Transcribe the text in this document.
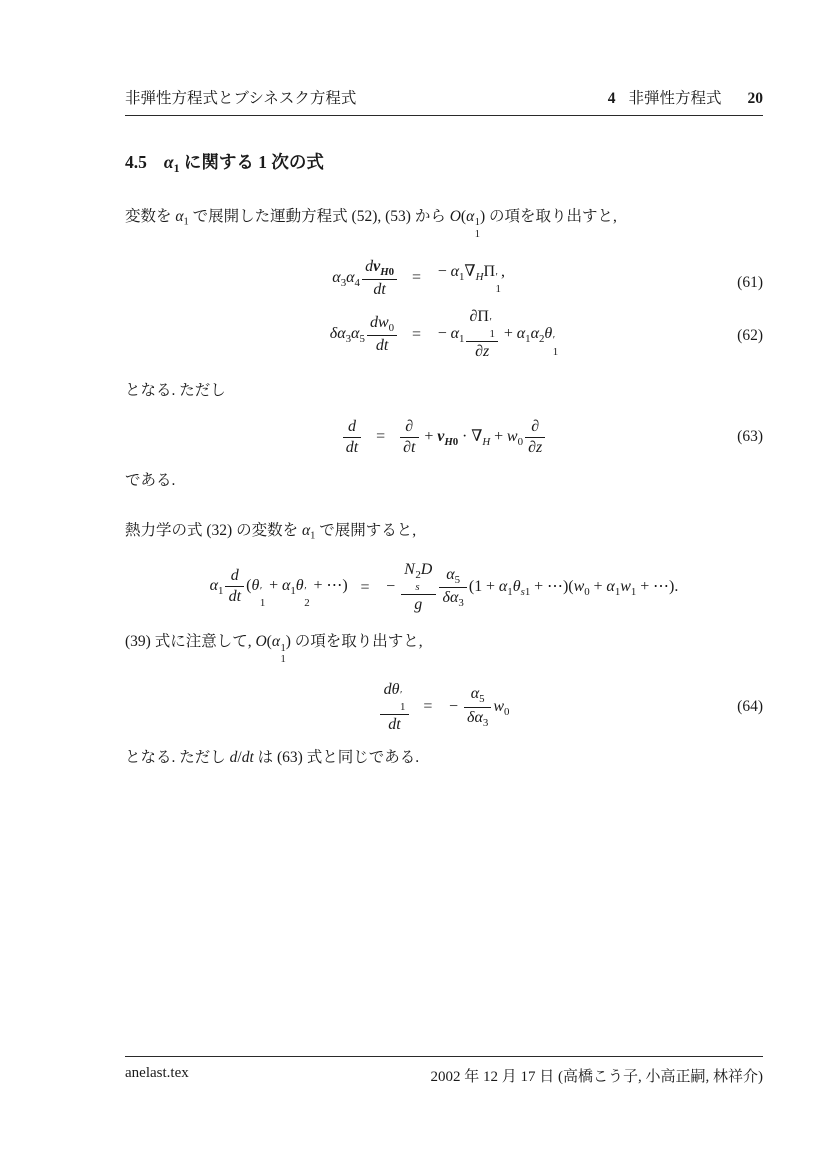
非弾性方程式とブシネスク方程式	4 非弾性方程式 20
4.5 $\alpha_1$ に関する 1 次の式

変数を $\alpha_1$ で展開した運動方程式 (52), (53) から O(α 1
1
) の項を取り出すと,

$\alpha_3\alpha_4$
$dv_{H0}$
dt
=	− $\alpha_1\nabla_H\Pi$ ′
1
,
$\delta\alpha_3\alpha_5 \frac{dw_0}{dt}$ =	− $\alpha_1$ ∂Π ′
1
$\partial z + \alpha_1\alpha_2\theta$ ′
1
(61)
(62)

となる. ただし

$\frac{d}{dt}$ =
∂
∂t
+ $v_{H0} \cdot \nabla_H + w_0$
∂
∂z
(63)

である.

熱力学の式 (32) の変数を $\alpha_1$ で展開すると,

$\alpha_1 \frac{d}{dt} (\theta$ ′
1
+ $\alpha_1\theta$ ′
2
+ ⋯) =	− N 2
s
D
g $\frac{\alpha_5}{\delta\alpha_3} (1 + \alpha_1\theta_{s1}$ + $\cdots)(w_0 + \alpha_1w_1$ + ⋯).

(39) 式に注意して, O(α 1
1
) の項を取り出すと,

dθ ′
1
dt =	− $\frac{\alpha_5}{\delta\alpha_3} w_0$	(64)

となる. ただし d/dt は (63) 式と同じである.

anelast.tex	2002 年 12 月 17 日 (高橋こう子, 小高正嗣, 林祥介)
